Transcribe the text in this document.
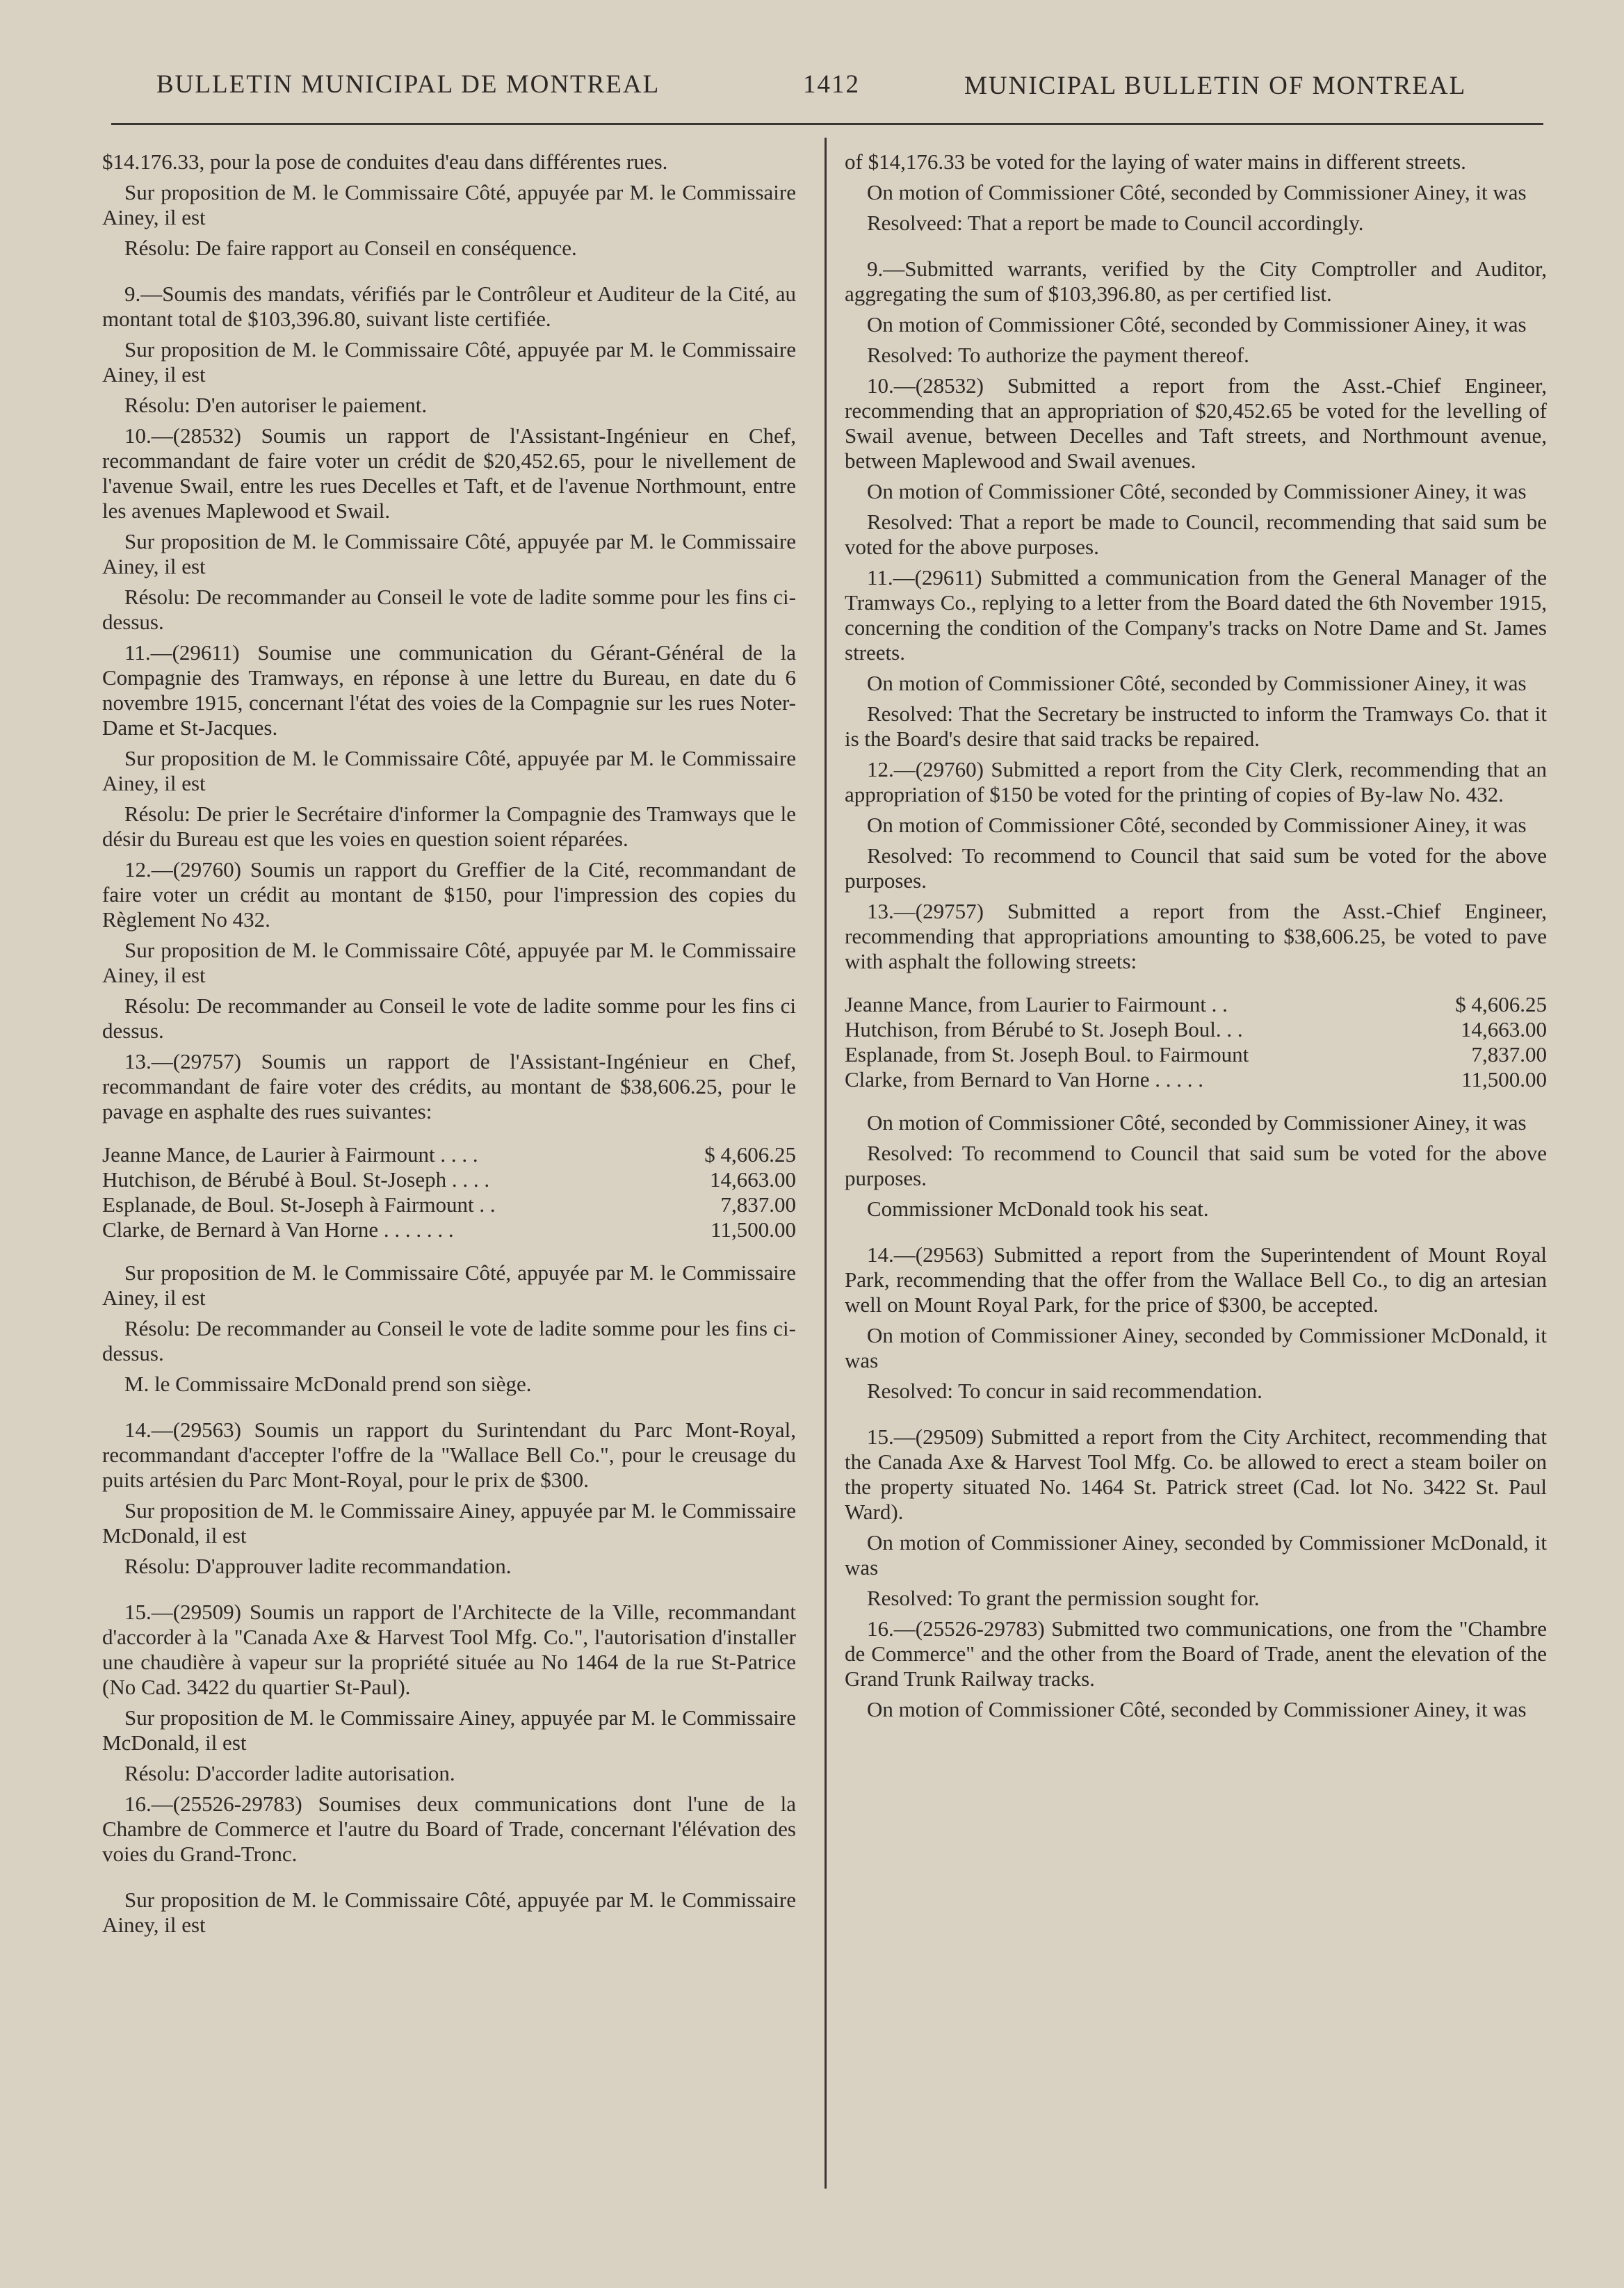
BULLETIN MUNICIPAL DE MONTREAL	1412	MUNICIPAL BULLETIN OF MONTREAL

$14.176.33, pour la pose de conduites d'eau dans différentes rues.

Sur proposition de M. le Commissaire Côté, appuyée par M. le Commissaire Ainey, il est

Résolu: De faire rapport au Conseil en conséquence.

9.—Soumis des mandats, vérifiés par le Contrôleur et Auditeur de la Cité, au montant total de $103,396.80, suivant liste certifiée.

Sur proposition de M. le Commissaire Côté, appuyée par M. le Commissaire Ainey, il est

Résolu: D'en autoriser le paiement.

10.—(28532) Soumis un rapport de l'Assistant-Ingénieur en Chef, recommandant de faire voter un crédit de $20,452.65, pour le nivellement de l'avenue Swail, entre les rues Decelles et Taft, et de l'avenue Northmount, entre les avenues Maplewood et Swail.

Sur proposition de M. le Commissaire Côté, appuyée par M. le Commissaire Ainey, il est

Résolu: De recommander au Conseil le vote de ladite somme pour les fins ci-dessus.

11.—(29611) Soumise une communication du Gérant-Général de la Compagnie des Tramways, en réponse à une lettre du Bureau, en date du 6 novembre 1915, concernant l'état des voies de la Compagnie sur les rues Noter-Dame et St-Jacques.

Sur proposition de M. le Commissaire Côté, appuyée par M. le Commissaire Ainey, il est

Résolu: De prier le Secrétaire d'informer la Compagnie des Tramways que le désir du Bureau est que les voies en question soient réparées.

12.—(29760) Soumis un rapport du Greffier de la Cité, recommandant de faire voter un crédit au montant de $150, pour l'impression des copies du Règlement No 432.

Sur proposition de M. le Commissaire Côté, appuyée par M. le Commissaire Ainey, il est

Résolu: De recommander au Conseil le vote de ladite somme pour les fins ci dessus.

13.—(29757) Soumis un rapport de l'Assistant-Ingénieur en Chef, recommandant de faire voter des crédits, au montant de $38,606.25, pour le pavage en asphalte des rues suivantes:

Jeanne Mance, de Laurier à Fairmount . . . .	$ 4,606.25
Hutchison, de Bérubé à Boul. St-Joseph . . . .	14,663.00
Esplanade, de Boul. St-Joseph à Fairmount . .	7,837.00
Clarke, de Bernard à Van Horne . . . . . . .	11,500.00

Sur proposition de M. le Commissaire Côté, appuyée par M. le Commissaire Ainey, il est

Résolu: De recommander au Conseil le vote de ladite somme pour les fins ci-dessus.

M. le Commissaire McDonald prend son siège.

14.—(29563) Soumis un rapport du Surintendant du Parc Mont-Royal, recommandant d'accepter l'offre de la "Wallace Bell Co.", pour le creusage du puits artésien du Parc Mont-Royal, pour le prix de $300.

Sur proposition de M. le Commissaire Ainey, appuyée par M. le Commissaire McDonald, il est

Résolu: D'approuver ladite recommandation.

15.—(29509) Soumis un rapport de l'Architecte de la Ville, recommandant d'accorder à la "Canada Axe & Harvest Tool Mfg. Co.", l'autorisation d'installer une chaudière à vapeur sur la propriété située au No 1464 de la rue St-Patrice (No Cad. 3422 du quartier St-Paul).

Sur proposition de M. le Commissaire Ainey, appuyée par M. le Commissaire McDonald, il est

Résolu: D'accorder ladite autorisation.

16.—(25526-29783) Soumises deux communications dont l'une de la Chambre de Commerce et l'autre du Board of Trade, concernant l'élévation des voies du Grand-Tronc.

Sur proposition de M. le Commissaire Côté, appuyée par M. le Commissaire Ainey, il est

of $14,176.33 be voted for the laying of water mains in different streets.

On motion of Commissioner Côté, seconded by Commissioner Ainey, it was

Resolveed: That a report be made to Council accordingly.

9.—Submitted warrants, verified by the City Comptroller and Auditor, aggregating the sum of $103,396.80, as per certified list.

On motion of Commissioner Côté, seconded by Commissioner Ainey, it was

Resolved: To authorize the payment thereof.

10.—(28532) Submitted a report from the Asst.-Chief Engineer, recommending that an appropriation of $20,452.65 be voted for the levelling of Swail avenue, between Decelles and Taft streets, and Northmount avenue, between Maplewood and Swail avenues.

On motion of Commissioner Côté, seconded by Commissioner Ainey, it was

Resolved: That a report be made to Council, recommending that said sum be voted for the above purposes.

11.—(29611) Submitted a communication from the General Manager of the Tramways Co., replying to a letter from the Board dated the 6th November 1915, concerning the condition of the Company's tracks on Notre Dame and St. James streets.

On motion of Commissioner Côté, seconded by Commissioner Ainey, it was

Resolved: That the Secretary be instructed to inform the Tramways Co. that it is the Board's desire that said tracks be repaired.

12.—(29760) Submitted a report from the City Clerk, recommending that an appropriation of $150 be voted for the printing of copies of By-law No. 432.

On motion of Commissioner Côté, seconded by Commissioner Ainey, it was

Resolved: To recommend to Council that said sum be voted for the above purposes.

13.—(29757) Submitted a report from the Asst.-Chief Engineer, recommending that appropriations amounting to $38,606.25, be voted to pave with asphalt the following streets:

Jeanne Mance, from Laurier to Fairmount . .	$ 4,606.25
Hutchison, from Bérubé to St. Joseph Boul. . .	14,663.00
Esplanade, from St. Joseph Boul. to Fairmount	7,837.00
Clarke, from Bernard to Van Horne . . . . .	11,500.00

On motion of Commissioner Côté, seconded by Commissioner Ainey, it was

Resolved: To recommend to Council that said sum be voted for the above purposes.

Commissioner McDonald took his seat.

14.—(29563) Submitted a report from the Superintendent of Mount Royal Park, recommending that the offer from the Wallace Bell Co., to dig an artesian well on Mount Royal Park, for the price of $300, be accepted.

On motion of Commissioner Ainey, seconded by Commissioner McDonald, it was

Resolved: To concur in said recommendation.

15.—(29509) Submitted a report from the City Architect, recommending that the Canada Axe & Harvest Tool Mfg. Co. be allowed to erect a steam boiler on the property situated No. 1464 St. Patrick street (Cad. lot No. 3422 St. Paul Ward).

On motion of Commissioner Ainey, seconded by Commissioner McDonald, it was

Resolved: To grant the permission sought for.

16.—(25526-29783) Submitted two communications, one from the "Chambre de Commerce" and the other from the Board of Trade, anent the elevation of the Grand Trunk Railway tracks.

On motion of Commissioner Côté, seconded by Commissioner Ainey, it was
